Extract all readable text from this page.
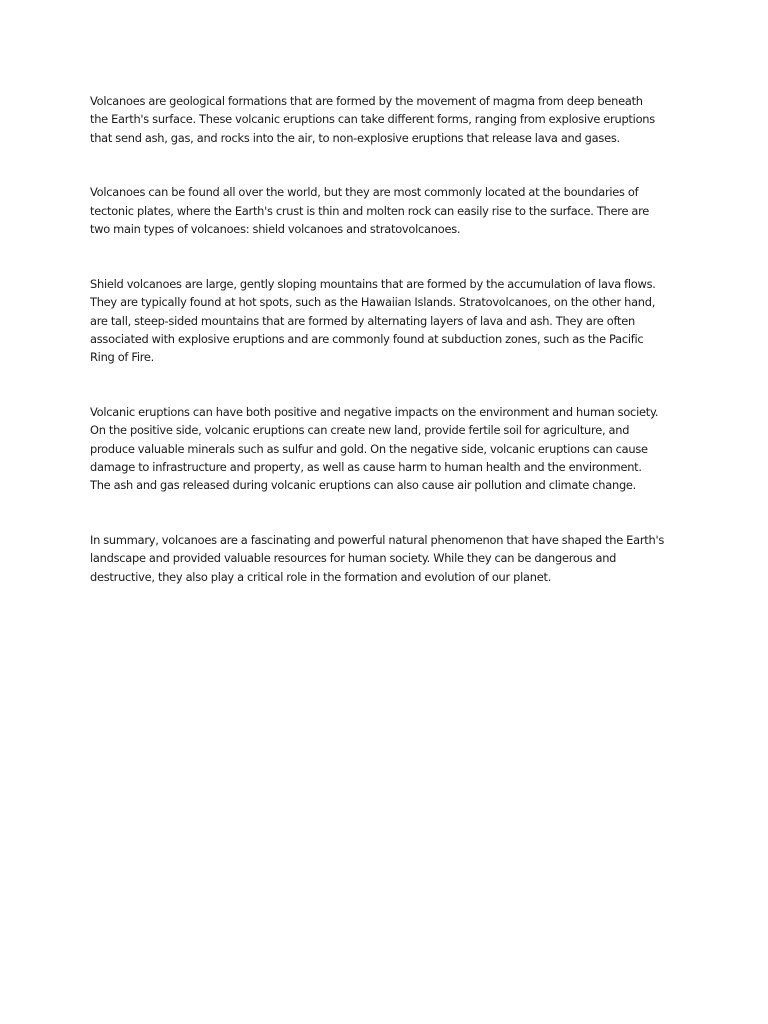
Volcanoes are geological formations that are formed by the movement of magma from deep beneath
the Earth's surface. These volcanic eruptions can take different forms, ranging from explosive eruptions
that send ash, gas, and rocks into the air, to non-explosive eruptions that release lava and gases.

Volcanoes can be found all over the world, but they are most commonly located at the boundaries of
tectonic plates, where the Earth's crust is thin and molten rock can easily rise to the surface. There are
two main types of volcanoes: shield volcanoes and stratovolcanoes.

Shield volcanoes are large, gently sloping mountains that are formed by the accumulation of lava flows.
They are typically found at hot spots, such as the Hawaiian Islands. Stratovolcanoes, on the other hand,
are tall, steep-sided mountains that are formed by alternating layers of lava and ash. They are often
associated with explosive eruptions and are commonly found at subduction zones, such as the Pacific
Ring of Fire.

Volcanic eruptions can have both positive and negative impacts on the environment and human society.
On the positive side, volcanic eruptions can create new land, provide fertile soil for agriculture, and
produce valuable minerals such as sulfur and gold. On the negative side, volcanic eruptions can cause
damage to infrastructure and property, as well as cause harm to human health and the environment.
The ash and gas released during volcanic eruptions can also cause air pollution and climate change.

In summary, volcanoes are a fascinating and powerful natural phenomenon that have shaped the Earth's
landscape and provided valuable resources for human society. While they can be dangerous and
destructive, they also play a critical role in the formation and evolution of our planet.
